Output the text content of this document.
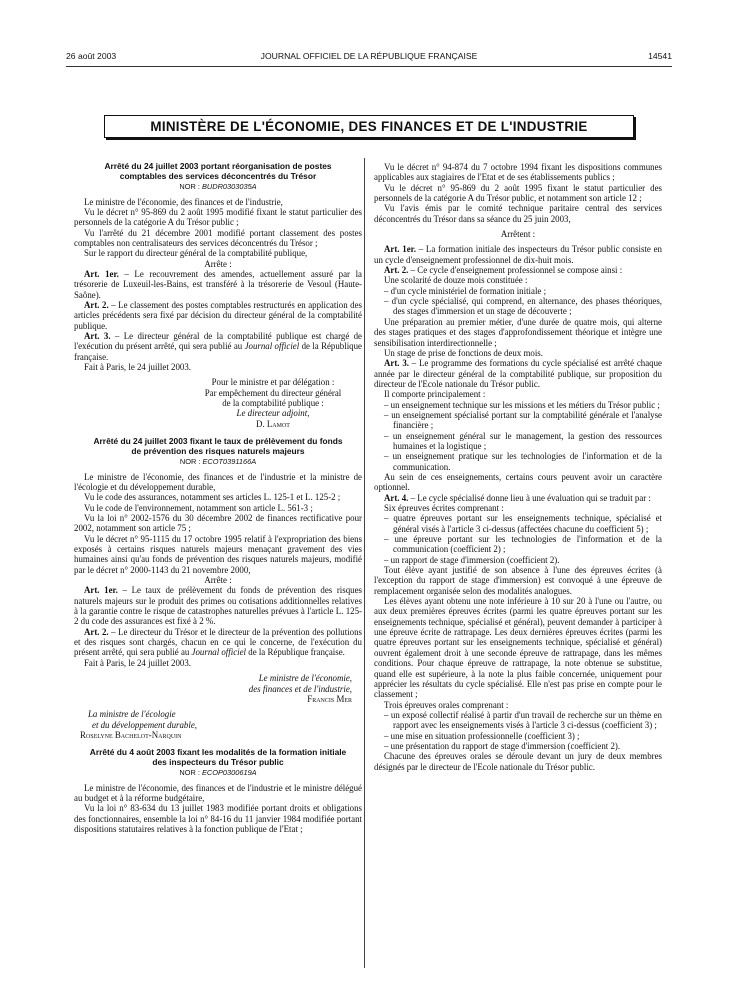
26 août 2003	JOURNAL OFFICIEL DE LA RÉPUBLIQUE FRANÇAISE	14541
MINISTÈRE DE L'ÉCONOMIE, DES FINANCES ET DE L'INDUSTRIE
Arrêté du 24 juillet 2003 portant réorganisation de postes comptables des services déconcentrés du Trésor
NOR : BUDR0303035A

Le ministre de l'économie, des finances et de l'industrie,

Vu le décret n° 95-869 du 2 août 1995 modifié fixant le statut particulier des personnels de la catégorie A du Trésor public ;

Vu l'arrêté du 21 décembre 2001 modifié portant classement des postes comptables non centralisateurs des services déconcentrés du Trésor ;

Sur le rapport du directeur général de la comptabilité publique,

Arrête :

Art. 1er. – Le recouvrement des amendes, actuellement assuré par la trésorerie de Luxeuil-les-Bains, est transféré à la trésorerie de Vesoul (Haute-Saône).

Art. 2. – Le classement des postes comptables restructurés en application des articles précédents sera fixé par décision du directeur général de la comptabilité publique.

Art. 3. – Le directeur général de la comptabilité publique est chargé de l'exécution du présent arrêté, qui sera publié au Journal officiel de la République française.

Fait à Paris, le 24 juillet 2003.

Pour le ministre et par délégation :

Par empêchement du directeur général

de la comptabilité publique :

Le directeur adjoint,

D. Lamot

Arrêté du 24 juillet 2003 fixant le taux de prélèvement du fonds de prévention des risques naturels majeurs
NOR : ECOT0391166A

Le ministre de l'économie, des finances et de l'industrie et la ministre de l'écologie et du développement durable,

Vu le code des assurances, notamment ses articles L. 125-1 et L. 125-2 ;

Vu le code de l'environnement, notamment son article L. 561-3 ;

Vu la loi n° 2002-1576 du 30 décembre 2002 de finances rectificative pour 2002, notamment son article 75 ;

Vu le décret n° 95-1115 du 17 octobre 1995 relatif à l'expropriation des biens exposés à certains risques naturels majeurs menaçant gravement des vies humaines ainsi qu'au fonds de prévention des risques naturels majeurs, modifié par le décret n° 2000-1143 du 21 novembre 2000,

Arrête :

Art. 1er. – Le taux de prélèvement du fonds de prévention des risques naturels majeurs sur le produit des primes ou cotisations additionnelles relatives à la garantie contre le risque de catastrophes naturelles prévues à l'article L. 125-2 du code des assurances est fixé à 2 %.

Art. 2. – Le directeur du Trésor et le directeur de la prévention des pollutions et des risques sont chargés, chacun en ce qui le concerne, de l'exécution du présent arrêté, qui sera publié au Journal officiel de la République française.

Fait à Paris, le 24 juillet 2003.

Le ministre de l'économie,

des finances et de l'industrie,

Francis Mer

La ministre de l'écologie

et du développement durable,

Roselyne Bachelot-Narquin

Arrêté du 4 août 2003 fixant les modalités de la formation initiale des inspecteurs du Trésor public
NOR : ECOP0300619A

Le ministre de l'économie, des finances et de l'industrie et le ministre délégué au budget et à la réforme budgétaire,

Vu la loi n° 83-634 du 13 juillet 1983 modifiée portant droits et obligations des fonctionnaires, ensemble la loi n° 84-16 du 11 janvier 1984 modifiée portant dispositions statutaires relatives à la fonction publique de l'Etat ;

Vu le décret n° 94-874 du 7 octobre 1994 fixant les dispositions communes applicables aux stagiaires de l'Etat et de ses établissements publics ;

Vu le décret n° 95-869 du 2 août 1995 fixant le statut particulier des personnels de la catégorie A du Trésor public, et notamment son article 12 ;

Vu l'avis émis par le comité technique paritaire central des services déconcentrés du Trésor dans sa séance du 25 juin 2003,

Arrêtent :

Art. 1er. – La formation initiale des inspecteurs du Trésor public consiste en un cycle d'enseignement professionnel de dix-huit mois.

Art. 2. – Ce cycle d'enseignement professionnel se compose ainsi :

Une scolarité de douze mois constituée :

– d'un cycle ministériel de formation initiale ;

– d'un cycle spécialisé, qui comprend, en alternance, des phases théoriques, des stages d'immersion et un stage de découverte ;

Une préparation au premier métier, d'une durée de quatre mois, qui alterne des stages pratiques et des stages d'approfondissement théorique et intègre une sensibilisation interdirectionnelle ;

Un stage de prise de fonctions de deux mois.

Art. 3. – Le programme des formations du cycle spécialisé est arrêté chaque année par le directeur général de la comptabilité publique, sur proposition du directeur de l'Ecole nationale du Trésor public.

Il comporte principalement :

– un enseignement technique sur les missions et les métiers du Trésor public ;

– un enseignement spécialisé portant sur la comptabilité générale et l'analyse financière ;

– un enseignement général sur le management, la gestion des ressources humaines et la logistique ;

– un enseignement pratique sur les technologies de l'information et de la communication.

Au sein de ces enseignements, certains cours peuvent avoir un caractère optionnel.

Art. 4. – Le cycle spécialisé donne lieu à une évaluation qui se traduit par :

Six épreuves écrites comprenant :

– quatre épreuves portant sur les enseignements technique, spécialisé et général visés à l'article 3 ci-dessus (affectées chacune du coefficient 5) ;

– une épreuve portant sur les technologies de l'information et de la communication (coefficient 2) ;

– un rapport de stage d'immersion (coefficient 2).

Tout élève ayant justifié de son absence à l'une des épreuves écrites (à l'exception du rapport de stage d'immersion) est convoqué à une épreuve de remplacement organisée selon des modalités analogues.

Les élèves ayant obtenu une note inférieure à 10 sur 20 à l'une ou l'autre, ou aux deux premières épreuves écrites (parmi les quatre épreuves portant sur les enseignements technique, spécialisé et général), peuvent demander à participer à une épreuve écrite de rattrapage. Les deux dernières épreuves écrites (parmi les quatre épreuves portant sur les enseignements technique, spécialisé et général) ouvrent également droit à une seconde épreuve de rattrapage, dans les mêmes conditions. Pour chaque épreuve de rattrapage, la note obtenue se substitue, quand elle est supérieure, à la note la plus faible concernée, uniquement pour apprécier les résultats du cycle spécialisé. Elle n'est pas prise en compte pour le classement ;

Trois épreuves orales comprenant :

– un exposé collectif réalisé à partir d'un travail de recherche sur un thème en rapport avec les enseignements visés à l'article 3 ci-dessus (coefficient 3) ;

– une mise en situation professionnelle (coefficient 3) ;

– une présentation du rapport de stage d'immersion (coefficient 2).

Chacune des épreuves orales se déroule devant un jury de deux membres désignés par le directeur de l'Ecole nationale du Trésor public.
